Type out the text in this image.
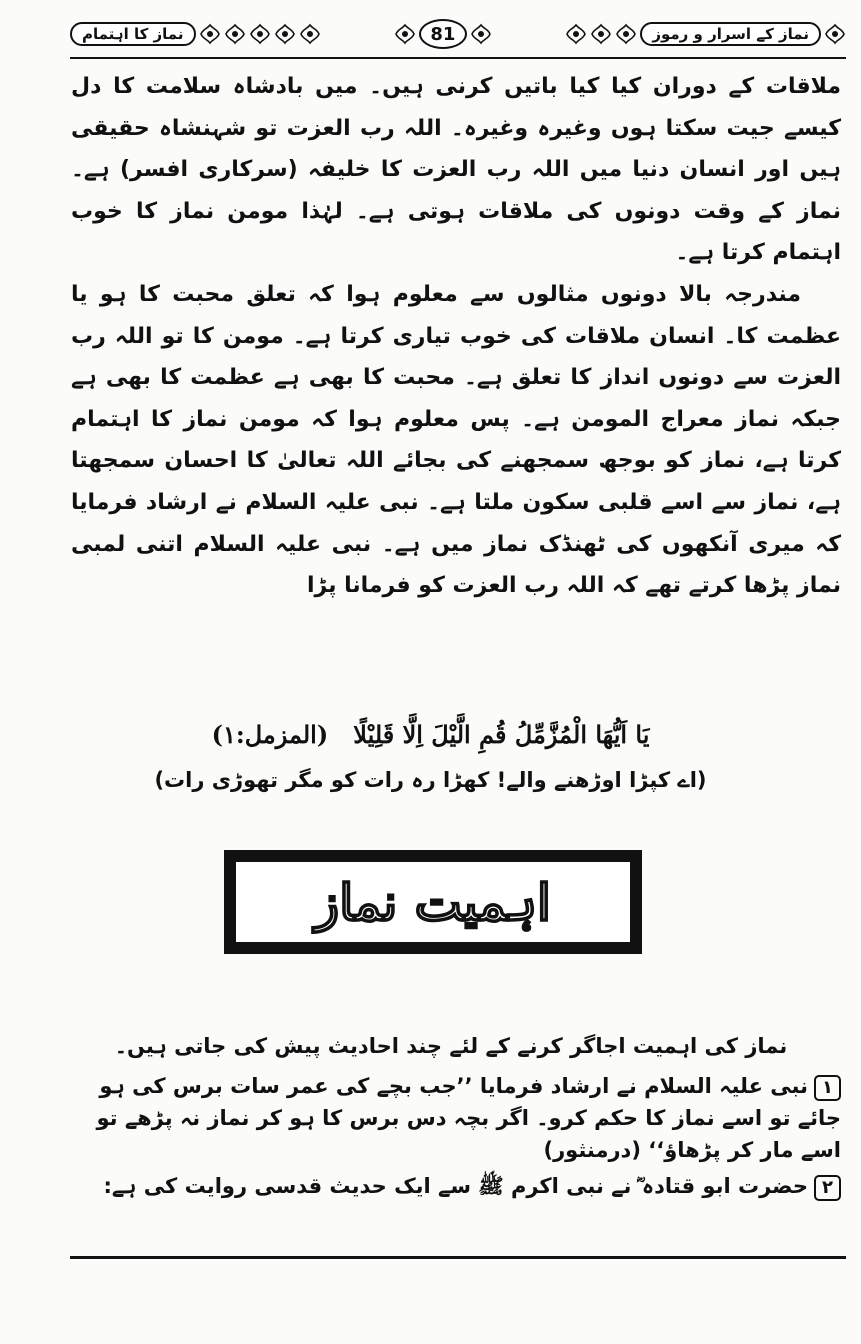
نماز کا اہتمام	81	نماز کے اسرار و رموز

ملاقات کے دوران کیا کیا باتیں کرنی ہیں۔ میں بادشاہ سلامت کا دل کیسے جیت سکتا ہوں وغیرہ وغیرہ۔ اللہ رب العزت تو شہنشاہ حقیقی ہیں اور انسان دنیا میں اللہ رب العزت کا خلیفہ (سرکاری افسر) ہے۔ نماز کے وقت دونوں کی ملاقات ہوتی ہے۔ لہٰذا مومن نماز کا خوب اہتمام کرتا ہے۔

مندرجہ بالا دونوں مثالوں سے معلوم ہوا کہ تعلق محبت کا ہو یا عظمت کا۔ انسان ملاقات کی خوب تیاری کرتا ہے۔ مومن کا تو اللہ رب العزت سے دونوں انداز کا تعلق ہے۔ محبت کا بھی ہے عظمت کا بھی ہے جبکہ نماز معراج المومن ہے۔ پس معلوم ہوا کہ مومن نماز کا اہتمام کرتا ہے، نماز کو بوجھ سمجھنے کی بجائے اللہ تعالیٰ کا احسان سمجھتا ہے، نماز سے اسے قلبی سکون ملتا ہے۔ نبی علیہ السلام نے ارشاد فرمایا کہ میری آنکھوں کی ٹھنڈک نماز میں ہے۔ نبی علیہ السلام اتنی لمبی نماز پڑھا کرتے تھے کہ اللہ رب العزت کو فرمانا پڑا

یَا اَیُّهَا الْمُزَّمِّلُ قُمِ الَّیْلَ اِلَّا قَلِیْلًا   (المزمل:۱)
(اے کپڑا اوڑھنے والے! کھڑا رہ رات کو مگر تھوڑی رات)
اہمیت نماز

نماز کی اہمیت اجاگر کرنے کے لئے چند احادیث پیش کی جاتی ہیں۔

۱نبی علیہ السلام نے ارشاد فرمایا ’’جب بچے کی عمر سات برس کی ہو جائے تو اسے نماز کا حکم کرو۔ اگر بچہ دس برس کا ہو کر نماز نہ پڑھے تو اسے مار کر پڑھاؤ‘‘ (درمنثور)

۲حضرت ابو قتادہ ؓ نے نبی اکرم ﷺ سے ایک حدیث قدسی روایت کی ہے:
